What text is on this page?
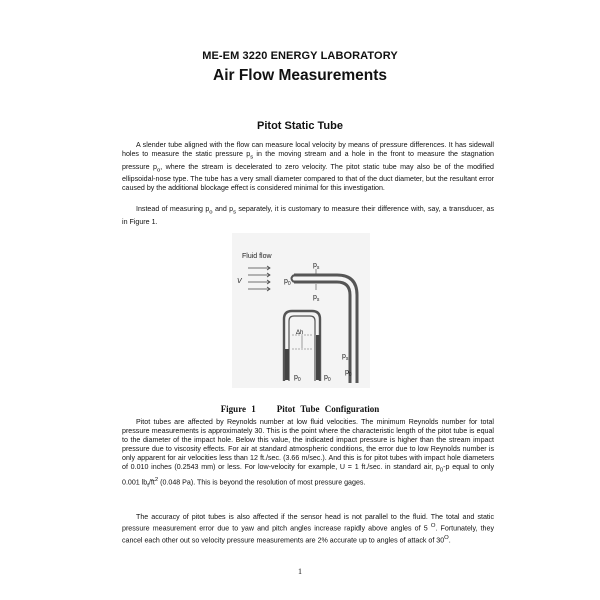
ME-EM 3220 ENERGY LABORATORY
Air Flow Measurements
Pitot Static Tube

A slender tube aligned with the flow can measure local velocity by means of pressure differences. It has sidewall holes to measure the static pressure $p_s$ in the moving stream and a hole in the front to measure the stagnation pressure $p_o$, where the stream is decelerated to zero velocity. The pitot static tube may also be of the modified ellipsoidal-nose type. The tube has a very small diameter compared to that of the duct diameter, but the resultant error caused by the additional blockage effect is considered minimal for this investigation.

Instead of measuring $p_o$ and $p_s$ separately, it is customary to measure their difference with, say, a transducer, as in Figure 1.

Fluid flow
V	$p_0$
$p_s$
$p_s$
Δh
$p_0$	$p_0$
$p_s$
$p_0$
Figure 1    Pitot Tube Configuration

Pitot tubes are affected by Reynolds number at low fluid velocities. The minimum Reynolds number for total pressure measurements is approximately 30. This is the point where the characteristic length of the pitot tube is equal to the diameter of the impact hole. Below this value, the indicated impact pressure is higher than the stream impact pressure due to viscosity effects. For air at standard atmospheric conditions, the error due to low Reynolds number is only apparent for air velocities less than 12 ft./sec. (3.66 m/sec.). And this is for pitot tubes with impact hole diameters of 0.010 inches (0.2543 mm) or less. For low-velocity for example, U = 1 ft./sec. in standard air, $p_0-p$ equal to only 0.001 $lb_f/ft^2$ (0.048 Pa). This is beyond the resolution of most pressure gages.

The accuracy of pitot tubes is also affected if the sensor head is not parallel to the fluid. The total and static pressure measurement error due to yaw and pitch angles increase rapidly above angles of 5 $^O$. Fortunately, they cancel each other out so velocity pressure measurements are 2% accurate up to angles of attack of $30^O$.

1
